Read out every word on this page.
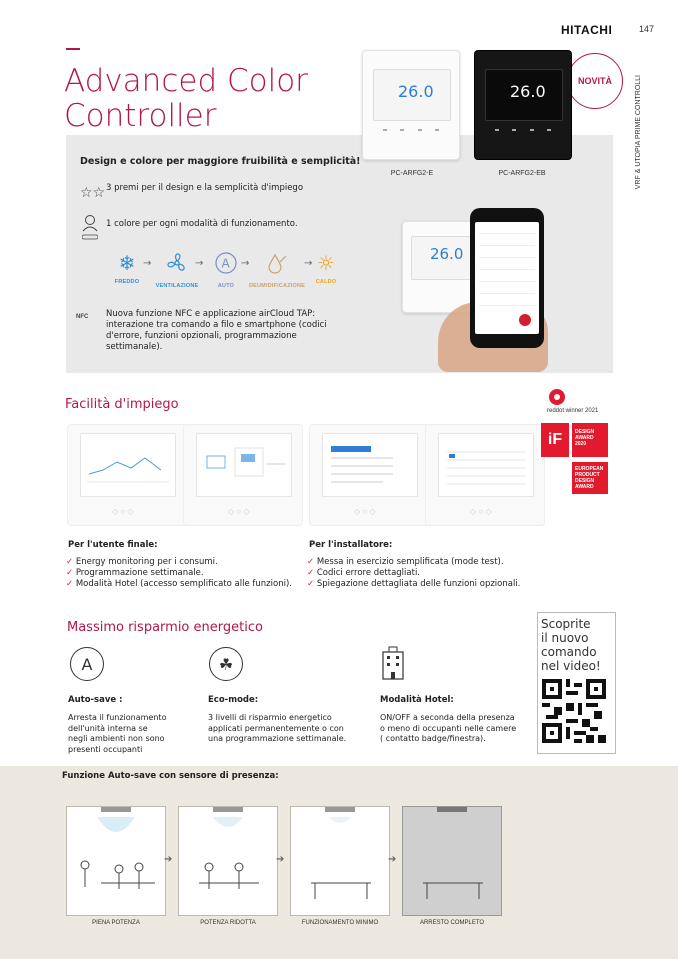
HITACHI	147
VRF & UTOPIA PRIME CONTROLLI
Advanced Color
Controller
NOVITÀ
26.0	26.0
PC-ARFG2-E	PC-ARFG2-EB
Design e colore per maggiore fruibilità e semplicità!
☆☆ 3 premi per il design e la semplicità d'impiego
1 colore per ogni modalità di funzionamento.
❄
FREDDO
→
VENTILAZIONE
→ A
AUTO
→
DEUMIDIFICAZIONE
→ ☼
CALDO
NFC Nuova funzione NFC e applicazione airCloud TAP:
interazione tra comando a filo e smartphone (codici
d'errore, funzioni opzionali, programmazione
settimanale).
26.0
Facilità d'impiego
◇ ○ ◇	◇ ○ ◇	◇ ○ ◇	◇ ○ ◇
reddot winner 2021
iF	DESIGN AWARD 2020
EUROPEAN PRODUCT DESIGN AWARD
Per l'utente finale:
✓ Energy monitoring per i consumi.
✓ Programmazione settimanale.
✓ Modalità Hotel (accesso semplificato alle funzioni).
Per l'installatore:
✓ Messa in esercizio semplificata (mode test).
✓ Codici errore dettagliati.
✓ Spiegazione dettagliata delle funzioni opzionali.
Massimo risparmio energetico
A	☘
Auto-save :
Arresta il funzionamento
dell'unità interna se
negli ambienti non sono
presenti occupanti
Eco-mode:
3 livelli di risparmio energetico
applicati permanentemente o con
una programmazione settimanale.
Modalità Hotel:
ON/OFF a seconda della presenza
o meno di occupanti nelle camere
( contatto badge/finestra).
Scoprite
il nuovo
comando
nel video!
Funzione Auto-save con sensore di presenza:
➔	➔	➔
PIENA POTENZA	POTENZA RIDOTTA	FUNZIONAMENTO MINIMO	ARRESTO COMPLETO
